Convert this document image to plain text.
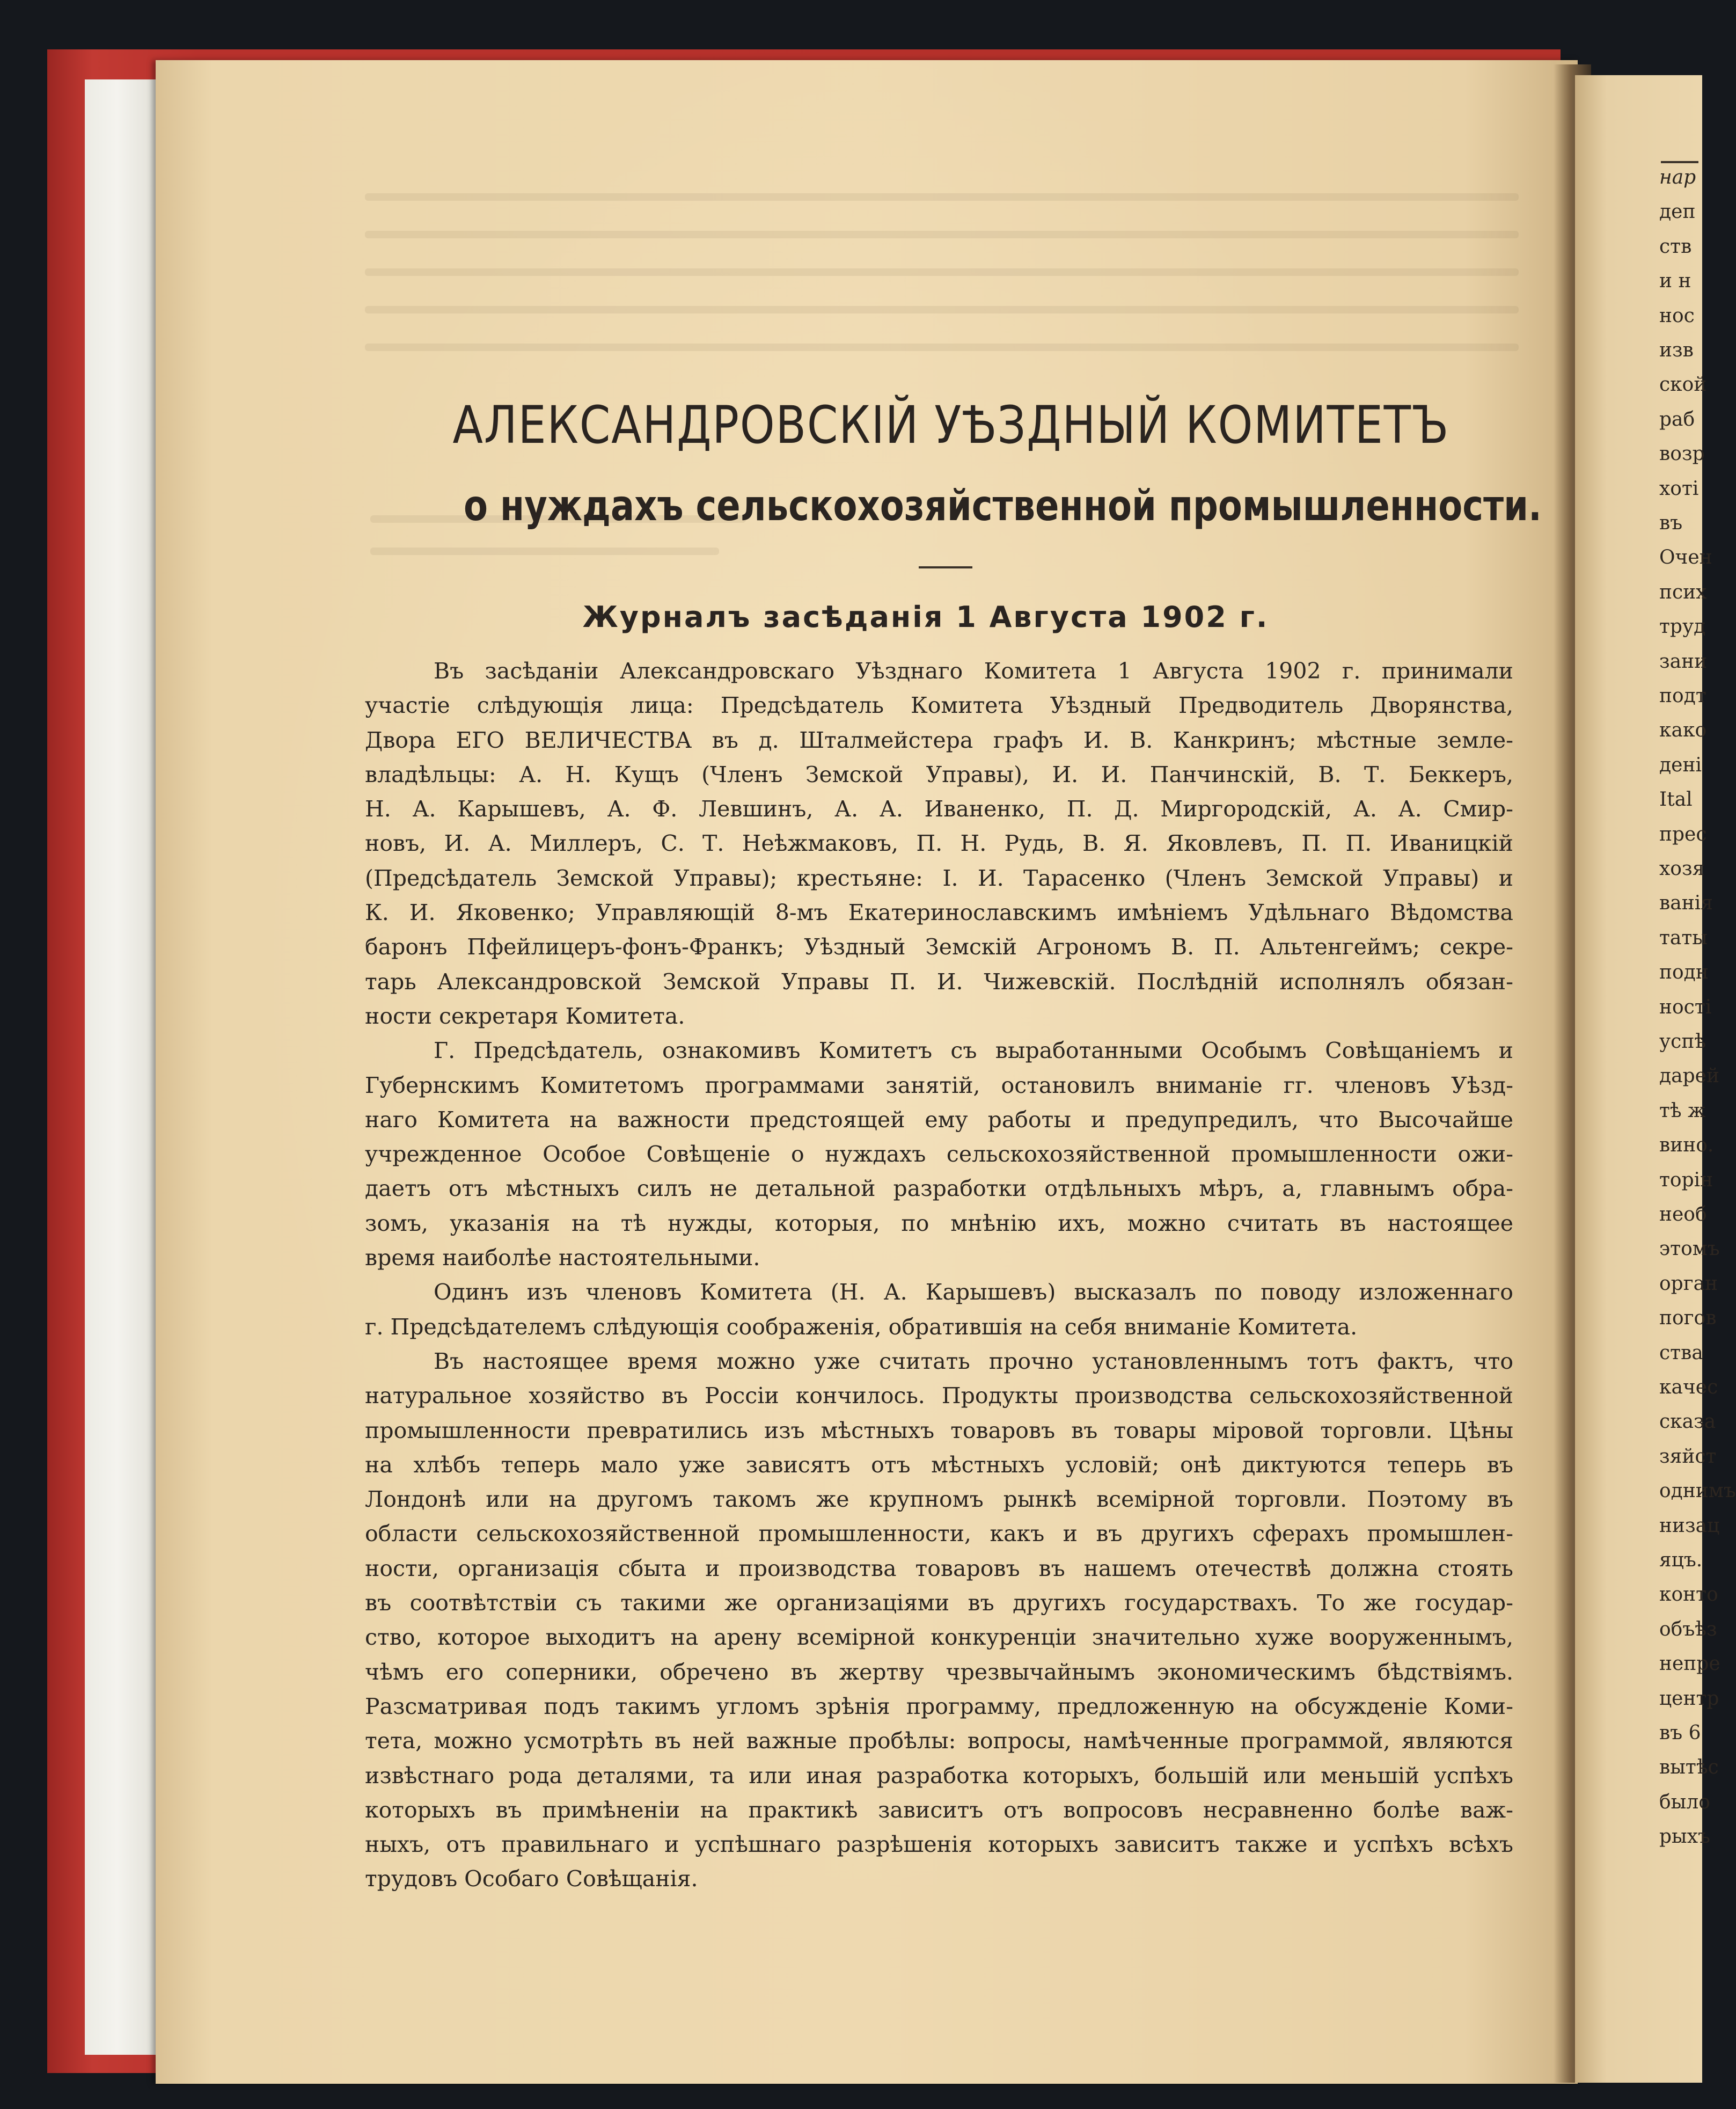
АЛЕКСАНДРОВСКІЙ УѢЗДНЫЙ КОМИТЕТЪ
о нуждахъ сельскохозяйственной промышленности.
Журналъ засѣданія 1 Августа 1902 г.
Въ засѣданіи Александровскаго Уѣзднаго Комитета 1 Августа 1902 г. принимали
участіе слѣдующія лица: Предсѣдатель Комитета Уѣздный Предводитель Дворянства,
Двора ЕГО ВЕЛИЧЕСТВА въ д. Шталмейстера графъ И. В. Канкринъ; мѣстные земле-
владѣльцы: А. Н. Кущъ (Членъ Земской Управы), И. И. Панчинскій, В. Т. Беккеръ,
Н. А. Карышевъ, А. Ф. Левшинъ, А. А. Иваненко, П. Д. Миргородскій, А. А. Смир-
новъ, И. А. Миллеръ, С. Т. Неѣжмаковъ, П. Н. Рудь, В. Я. Яковлевъ, П. П. Иваницкій
(Предсѣдатель Земской Управы); крестьяне: І. И. Тарасенко (Членъ Земской Управы) и
К. И. Яковенко; Управляющій 8-мъ Екатеринославскимъ имѣніемъ Удѣльнаго Вѣдомства
баронъ Пфейлицеръ-фонъ-Франкъ; Уѣздный Земскій Агрономъ В. П. Альтенгеймъ; секре-
тарь Александровской Земской Управы П. И. Чижевскій. Послѣдній исполнялъ обязан-
ности секретаря Комитета.
Г. Предсѣдатель, ознакомивъ Комитетъ съ выработанными Особымъ Совѣщаніемъ и
Губернскимъ Комитетомъ программами занятій, остановилъ вниманіе гг. членовъ Уѣзд-
наго Комитета на важности предстоящей ему работы и предупредилъ, что Высочайше
учрежденное Особое Совѣщеніе о нуждахъ сельскохозяйственной промышленности ожи-
даетъ отъ мѣстныхъ силъ не детальной разработки отдѣльныхъ мѣръ, а, главнымъ обра-
зомъ, указанія на тѣ нужды, которыя, по мнѣнію ихъ, можно считать въ настоящее
время наиболѣе настоятельными.
Одинъ изъ членовъ Комитета (Н. А. Карышевъ) высказалъ по поводу изложеннаго
г. Предсѣдателемъ слѣдующія соображенія, обратившія на себя вниманіе Комитета.
Въ настоящее время можно уже считать прочно установленнымъ тотъ фактъ, что
натуральное хозяйство въ Россіи кончилось. Продукты производства сельскохозяйственной
промышленности превратились изъ мѣстныхъ товаровъ въ товары міровой торговли. Цѣны
на хлѣбъ теперь мало уже зависятъ отъ мѣстныхъ условій; онѣ диктуются теперь въ
Лондонѣ или на другомъ такомъ же крупномъ рынкѣ всемірной торговли. Поэтому въ
области сельскохозяйственной промышленности, какъ и въ другихъ сферахъ промышлен-
ности, организація сбыта и производства товаровъ въ нашемъ отечествѣ должна стоять
въ соотвѣтствіи съ такими же организаціями въ другихъ государствахъ. То же государ-
ство, которое выходитъ на арену всемірной конкуренціи значительно хуже вооруженнымъ,
чѣмъ его соперники, обречено въ жертву чрезвычайнымъ экономическимъ бѣдствіямъ.
Разсматривая подъ такимъ угломъ зрѣнія программу, предложенную на обсужденіе Коми-
тета, можно усмотрѣть въ ней важные пробѣлы: вопросы, намѣченные программой, являются
извѣстнаго рода деталями, та или иная разработка которыхъ, большій или меньшій успѣхъ
которыхъ въ примѣненіи на практикѣ зависитъ отъ вопросовъ несравненно болѣе важ-
ныхъ, отъ правильнаго и успѣшнаго разрѣшенія которыхъ зависитъ также и успѣхъ всѣхъ
трудовъ Особаго Совѣщанія.
нар
деп
ств
и н
нос
изв
ской
раб
возр
хоті
въ
Очен
псих
труд
зани
подт
како
дені
Ital
прес
хозя
ванія
таты
подн
ності
успѣ
дарей
тѣ ж
вино.
торін
необ
этомъ
орган
погов
ства
качес
сказа
зяйст
однимъ
низац
яцъ.
конто
объѣз
непре
центр
въ 6
вытѣс
было
рыхъ
